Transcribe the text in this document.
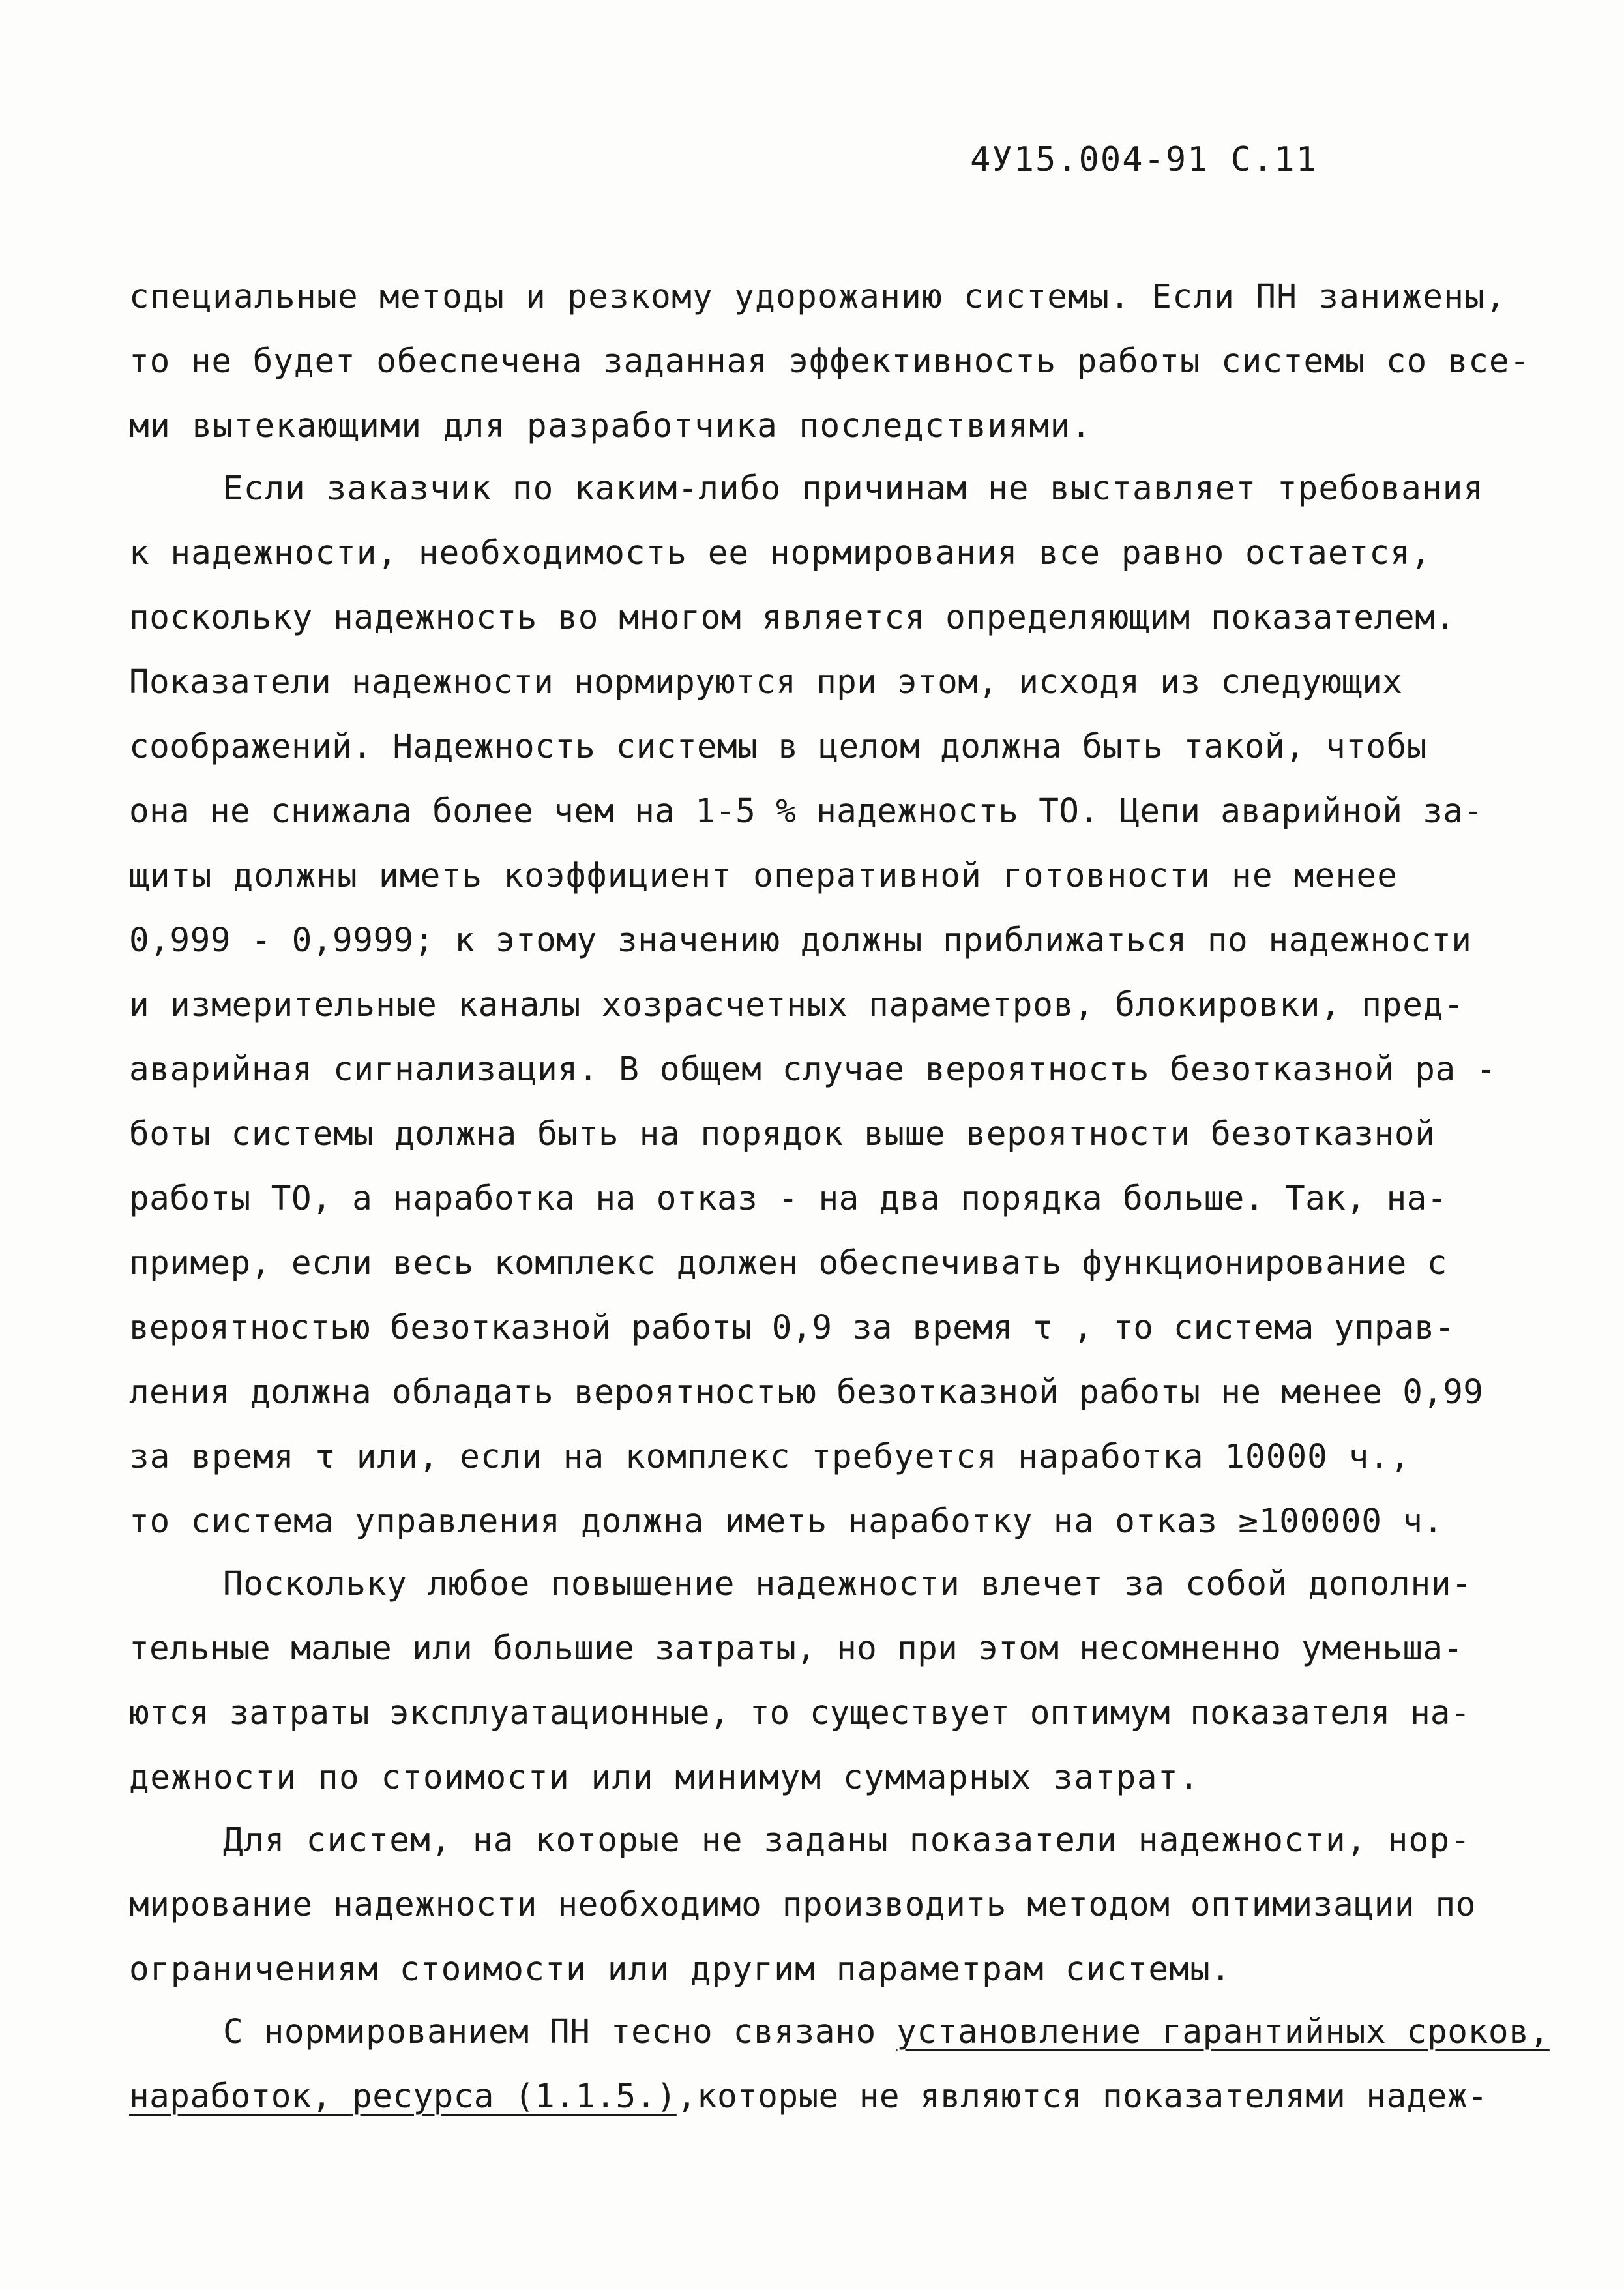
4У15.004-91 С.11
специальные методы и резкому удорожанию системы. Если ПН занижены,
то не будет обеспечена заданная эффективность работы системы со все-
ми вытекающими для разработчика последствиями.
Если заказчик по каким-либо причинам не выставляет требования
к надежности, необходимость ее нормирования все равно остается,
поскольку надежность во многом является определяющим показателем.
Показатели надежности нормируются при этом, исходя из следующих
соображений. Надежность системы в целом должна быть такой, чтобы
она не снижала более чем на 1-5 % надежность ТО. Цепи аварийной за-
щиты должны иметь коэффициент оперативной готовности не менее
0,999 - 0,9999; к этому значению должны приближаться по надежности
и измерительные каналы хозрасчетных параметров, блокировки, пред-
аварийная сигнализация. В общем случае вероятность безотказной ра -
боты системы должна быть на порядок выше вероятности безотказной
работы ТО, а наработка на отказ - на два порядка больше. Так, на-
пример, если весь комплекс должен обеспечивать функционирование с
вероятностью безотказной работы 0,9 за время τ , то система управ-
ления должна обладать вероятностью безотказной работы не менее 0,99
за время τ или, если на комплекс требуется наработка 10000 ч.,
то система управления должна иметь наработку на отказ ≥100000 ч.
Поскольку любое повышение надежности влечет за собой дополни-
тельные малые или большие затраты, но при этом несомненно уменьша-
ются затраты эксплуатационные, то существует оптимум показателя на-
дежности по стоимости или минимум суммарных затрат.
Для систем, на которые не заданы показатели надежности, нор-
мирование надежности необходимо производить методом оптимизации по
ограничениям стоимости или другим параметрам системы.
С нормированием ПН тесно связано установление гарантийных сроков,
наработок, ресурса (1.1.5.),которые не являются показателями надеж-
